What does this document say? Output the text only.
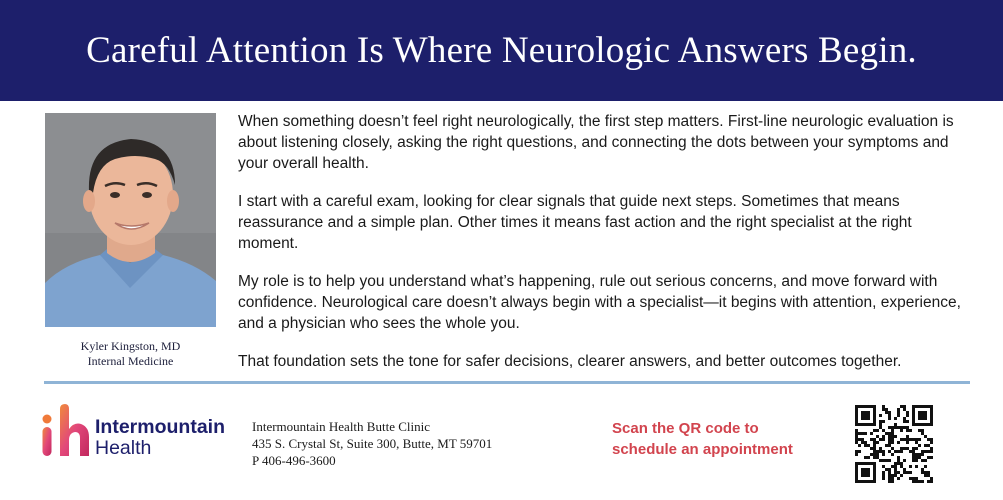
Careful Attention Is Where Neurologic Answers Begin.
Kyler Kingston, MD
Internal Medicine

When something doesn’t feel right neurologically, the first step matters. First-line neurologic evaluation is about listening closely, asking the right questions, and connecting the dots between your symptoms and your overall health.

I start with a careful exam, looking for clear signals that guide next steps. Sometimes that means reassurance and a simple plan. Other times it means fast action and the right specialist at the right moment.

My role is to help you understand what’s happening, rule out serious concerns, and move forward with confidence. Neurological care doesn’t always begin with a specialist—it begins with attention, experience, and a physician who sees the whole you.

That foundation sets the tone for safer decisions, clearer answers, and better outcomes together.

Intermountain
Health
Intermountain Health Butte Clinic
435 S. Crystal St, Suite 300, Butte, MT 59701
P 406-496-3600
Scan the QR code to
schedule an appointment
